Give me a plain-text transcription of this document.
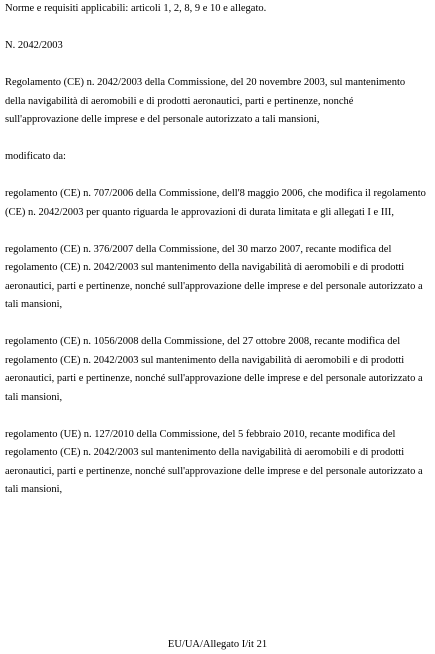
Norme e requisiti applicabili: articoli 1, 2, 8, 9 e 10 e allegato.

N. 2042/2003

Regolamento (CE) n. 2042/2003 della Commissione, del 20 novembre 2003, sul mantenimento
della navigabilità di aeromobili e di prodotti aeronautici, parti e pertinenze, nonché
sull'approvazione delle imprese e del personale autorizzato a tali mansioni,

modificato da:

regolamento (CE) n. 707/2006 della Commissione, dell'8 maggio 2006, che modifica il regolamento
(CE) n. 2042/2003 per quanto riguarda le approvazioni di durata limitata e gli allegati I e III,
regolamento (CE) n. 376/2007 della Commissione, del 30 marzo 2007, recante modifica del
regolamento (CE) n. 2042/2003 sul mantenimento della navigabilità di aeromobili e di prodotti
aeronautici, parti e pertinenze, nonché sull'approvazione delle imprese e del personale autorizzato a
tali mansioni,
regolamento (CE) n. 1056/2008 della Commissione, del 27 ottobre 2008, recante modifica del
regolamento (CE) n. 2042/2003 sul mantenimento della navigabilità di aeromobili e di prodotti
aeronautici, parti e pertinenze, nonché sull'approvazione delle imprese e del personale autorizzato a
tali mansioni,
regolamento (UE) n. 127/2010 della Commissione, del 5 febbraio 2010, recante modifica del
regolamento (CE) n. 2042/2003 sul mantenimento della navigabilità di aeromobili e di prodotti
aeronautici, parti e pertinenze, nonché sull'approvazione delle imprese e del personale autorizzato a
tali mansioni,
EU/UA/Allegato I/it 21
